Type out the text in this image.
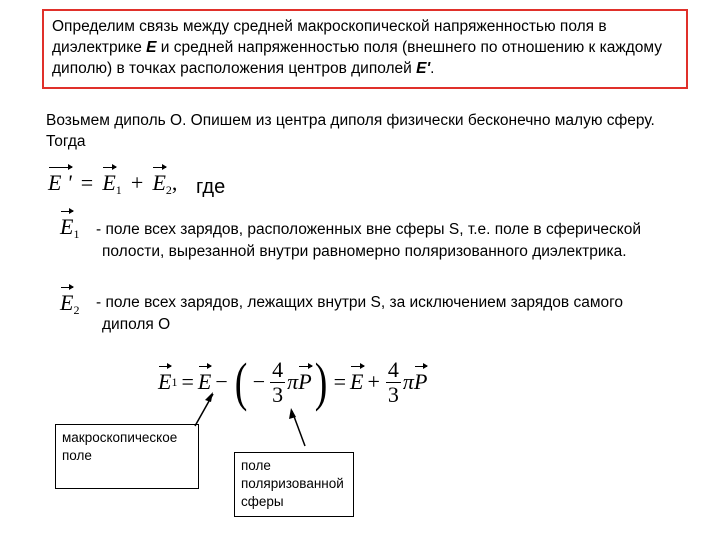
Определим связь между средней макроскопической напряженностью поля в диэлектрике E и средней напряженностью поля (внешнего по отношению к каждому диполю) в точках расположения центров диполей E'.
Возьмем диполь О. Опишем из центра диполя физически бесконечно малую сферу. Тогда
E ' = $E_1 + E_2$, где
$E_1$ - поле всех зарядов, расположенных вне сферы S, т.е. поле в сферической полости, вырезанной внутри равномерно поляризованного диэлектрика.
$E_2$ - поле всех зарядов, лежащих внутри S, за исключением зарядов самого диполя О
E 1 = E − ( − $\frac{4}{3}$ π P ) = $E + \frac{4}{3}$ π P
макроскопическое поле
поле поляризованной сферы
